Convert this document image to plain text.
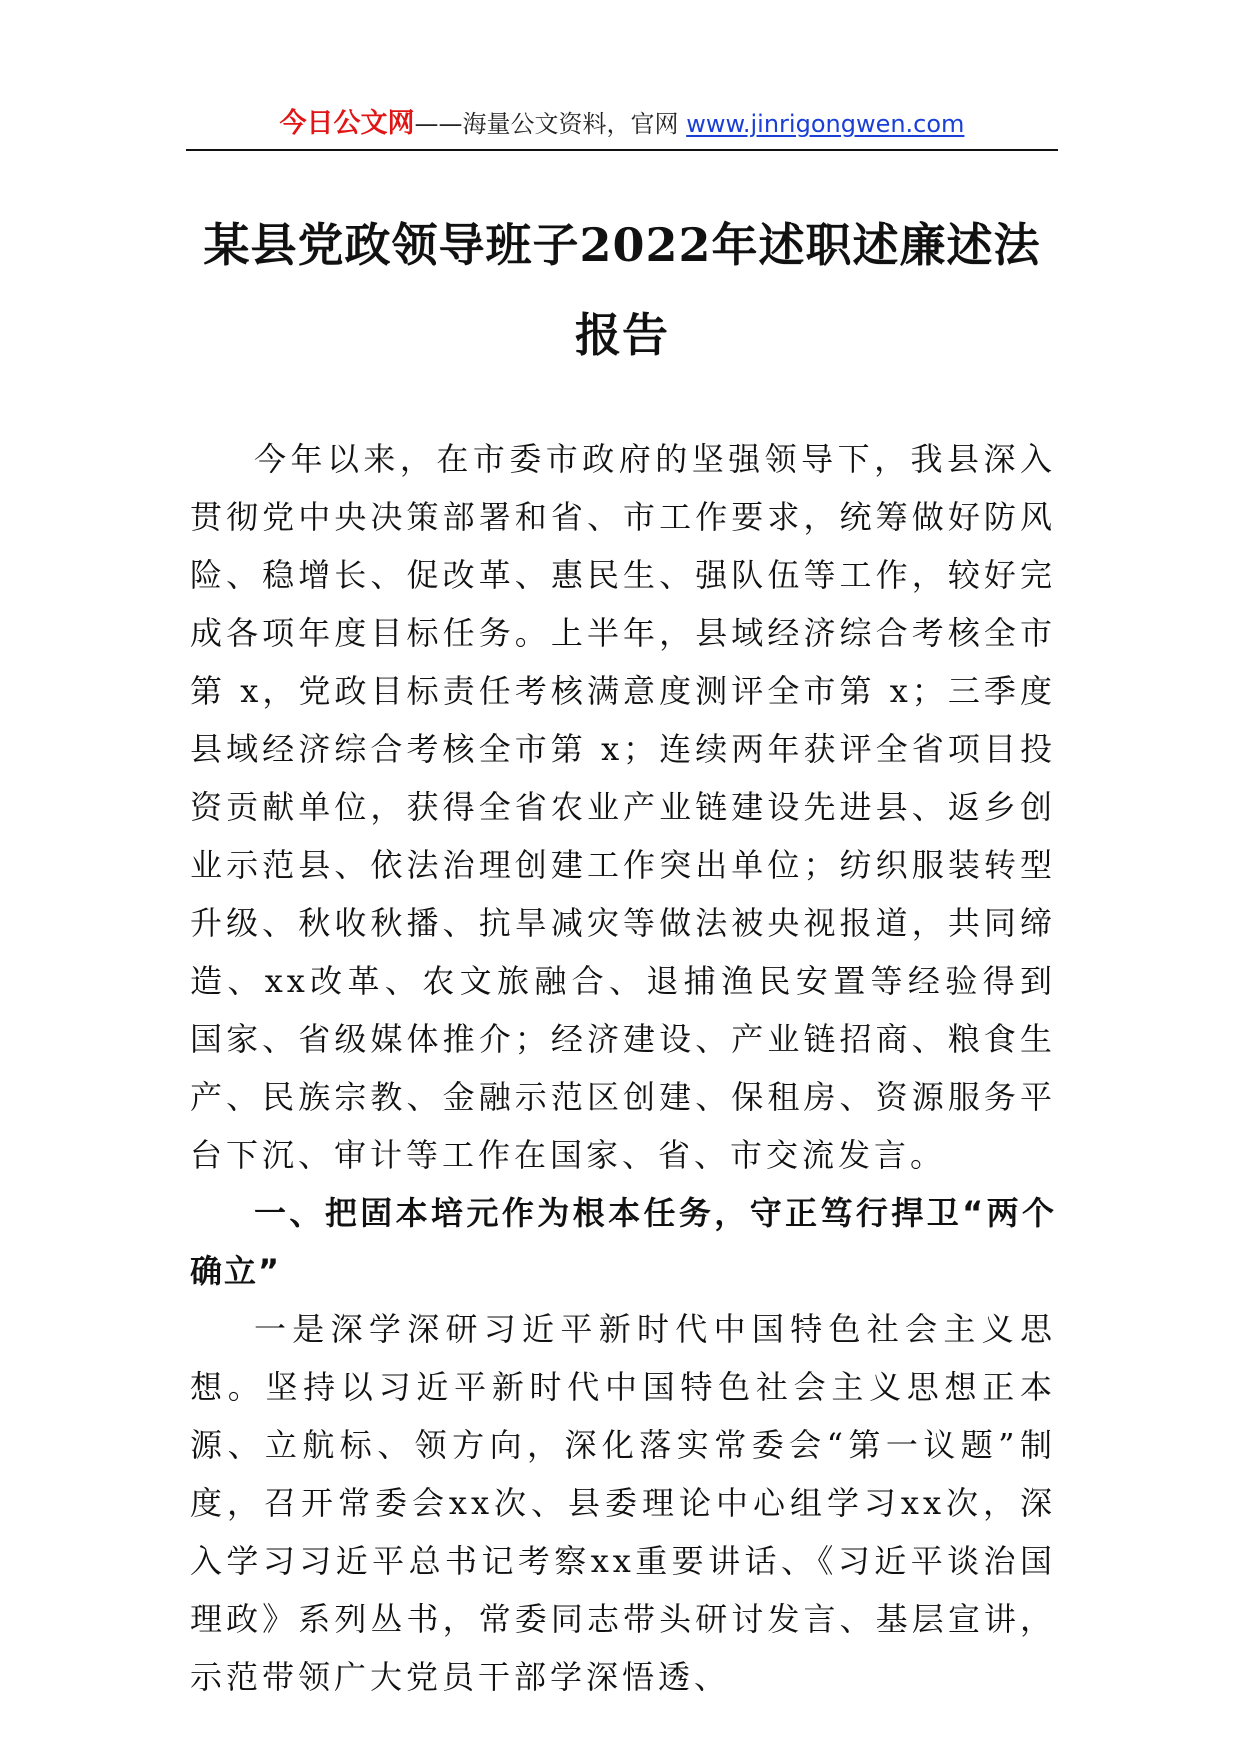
今日公文网——海量公文资料，官网 www.jinrigongwen.com
某县党政领导班子2022年述职述廉述法报告

今年以来，在市委市政府的坚强领导下，我县深入贯彻党中央决策部署和省、市工作要求，统筹做好防风险、稳增长、促改革、惠民生、强队伍等工作，较好完成各项年度目标任务。上半年，县域经济综合考核全市第 x，党政目标责任考核满意度测评全市第 x；三季度县域经济综合考核全市第 x；连续两年获评全省项目投资贡献单位，获得全省农业产业链建设先进县、返乡创业示范县、依法治理创建工作突出单位；纺织服装转型升级、秋收秋播、抗旱减灾等做法被央视报道，共同缔造、xx改革、农文旅融合、退捕渔民安置等经验得到国家、省级媒体推介；经济建设、产业链招商、粮食生产、民族宗教、金融示范区创建、保租房、资源服务平台下沉、审计等工作在国家、省、市交流发言。

一、把固本培元作为根本任务，守正笃行捍卫“两个确立”

一是深学深研习近平新时代中国特色社会主义思想。坚持以习近平新时代中国特色社会主义思想正本源、立航标、领方向，深化落实常委会“第一议题”制度，召开常委会xx次、县委理论中心组学习xx次，深入学习习近平总书记考察xx重要讲话、《习近平谈治国理政》系列丛书，常委同志带头研讨发言、基层宣讲，示范带领广大党员干部学深悟透、
